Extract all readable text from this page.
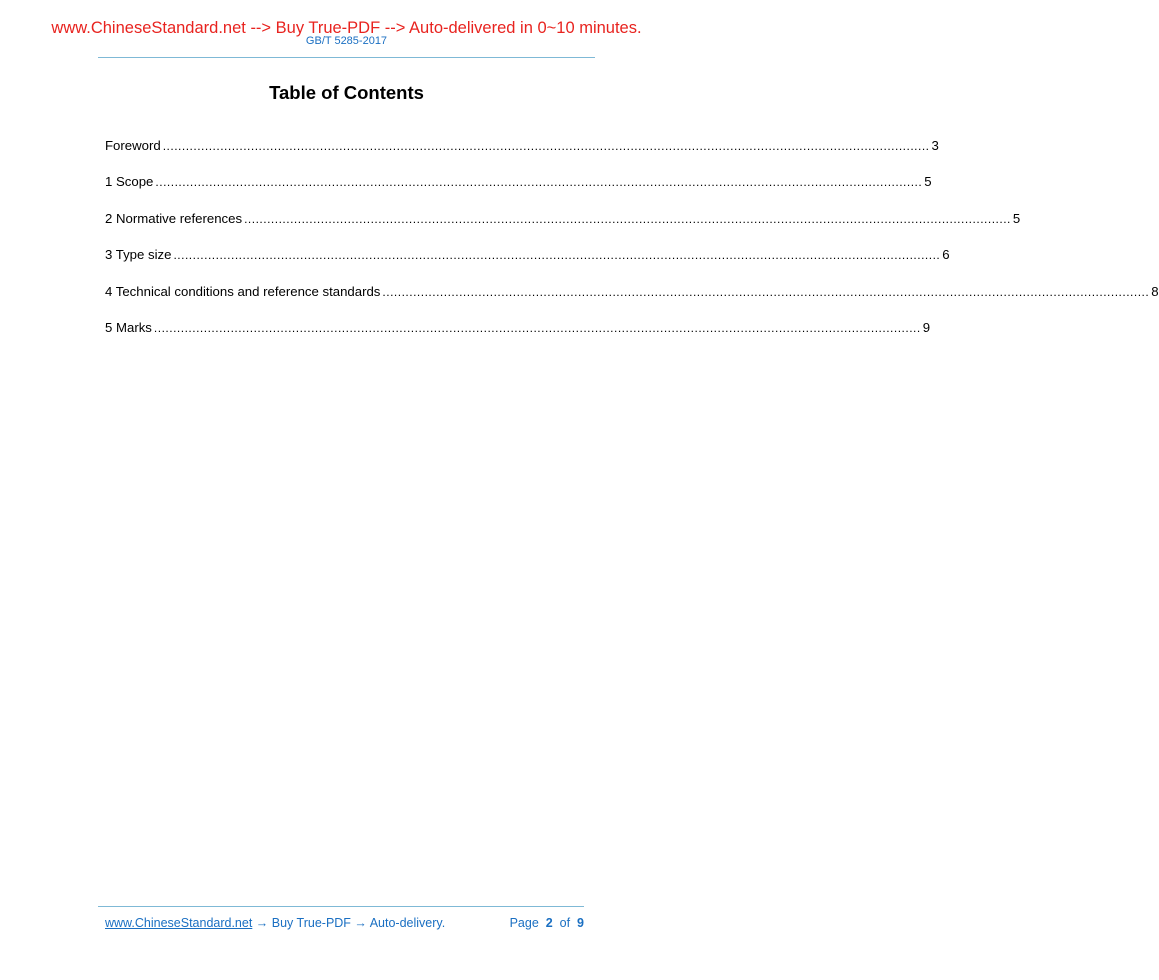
www.ChineseStandard.net --> Buy True-PDF --> Auto-delivered in 0~10 minutes.

GB/T 5285-2017

Table of Contents
Foreword ........................................................................................................................................................................................................ 3
1 Scope ........................................................................................................................................................................................................ 5
2 Normative references ........................................................................................................................................................................................................ 5
3 Type size ........................................................................................................................................................................................................ 6
4 Technical conditions and reference standards ........................................................................................................................................................................................................ 8
5 Marks ........................................................................................................................................................................................................ 9
www.ChineseStandard.net → Buy True-PDF → Auto-delivery.	Page 2 of 9
